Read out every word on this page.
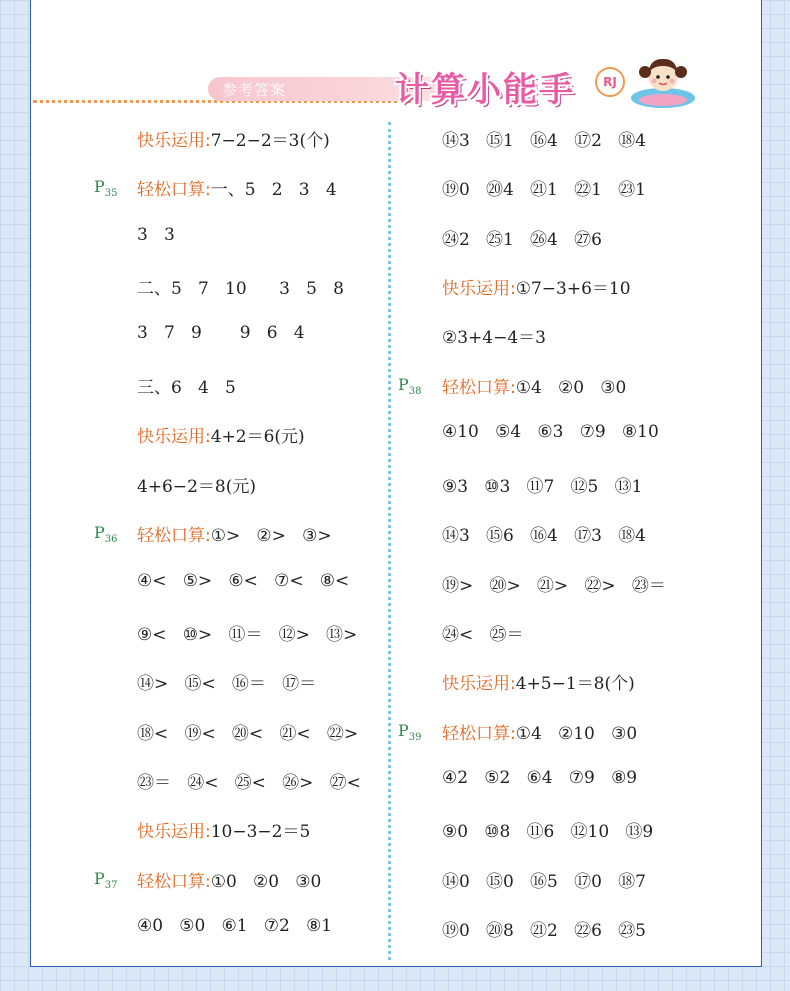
参考答案	计算小能手	RJ
快乐运用:7−2−2＝3(个)
$P_{35}$ 轻松口算:一、5   2   3   4
3   3
二、5   7   10      3   5   8
3   7   9       9   6   4
三、6   4   5
快乐运用:4+2＝6(元)
4+6−2＝8(元)
$P_{36}$ 轻松口算:①>   ②>   ③>
④<   ⑤>   ⑥<   ⑦<   ⑧<
⑨<   ⑩>   ⑪＝   ⑫>   ⑬>
⑭>   ⑮<   ⑯＝   ⑰＝
⑱<   ⑲<   ⑳<   ㉑<   ㉒>
㉓＝   ㉔<   ㉕<   ㉖>   ㉗<
快乐运用:10−3−2＝5
$P_{37}$ 轻松口算:①0   ②0   ③0
④0   ⑤0   ⑥1   ⑦2   ⑧1
⑭3   ⑮1   ⑯4   ⑰2   ⑱4
⑲0   ⑳4   ㉑1   ㉒1   ㉓1
㉔2   ㉕1   ㉖4   ㉗6
快乐运用:①7−3+6＝10
②3+4−4＝3
$P_{38}$ 轻松口算:①4   ②0   ③0
④10   ⑤4   ⑥3   ⑦9   ⑧10
⑨3   ⑩3   ⑪7   ⑫5   ⑬1
⑭3   ⑮6   ⑯4   ⑰3   ⑱4
⑲>   ⑳>   ㉑>   ㉒>   ㉓＝
㉔<   ㉕＝
快乐运用:4+5−1＝8(个)
$P_{39}$ 轻松口算:①4   ②10   ③0
④2   ⑤2   ⑥4   ⑦9   ⑧9
⑨0   ⑩8   ⑪6   ⑫10   ⑬9
⑭0   ⑮0   ⑯5   ⑰0   ⑱7
⑲0   ⑳8   ㉑2   ㉒6   ㉓5
